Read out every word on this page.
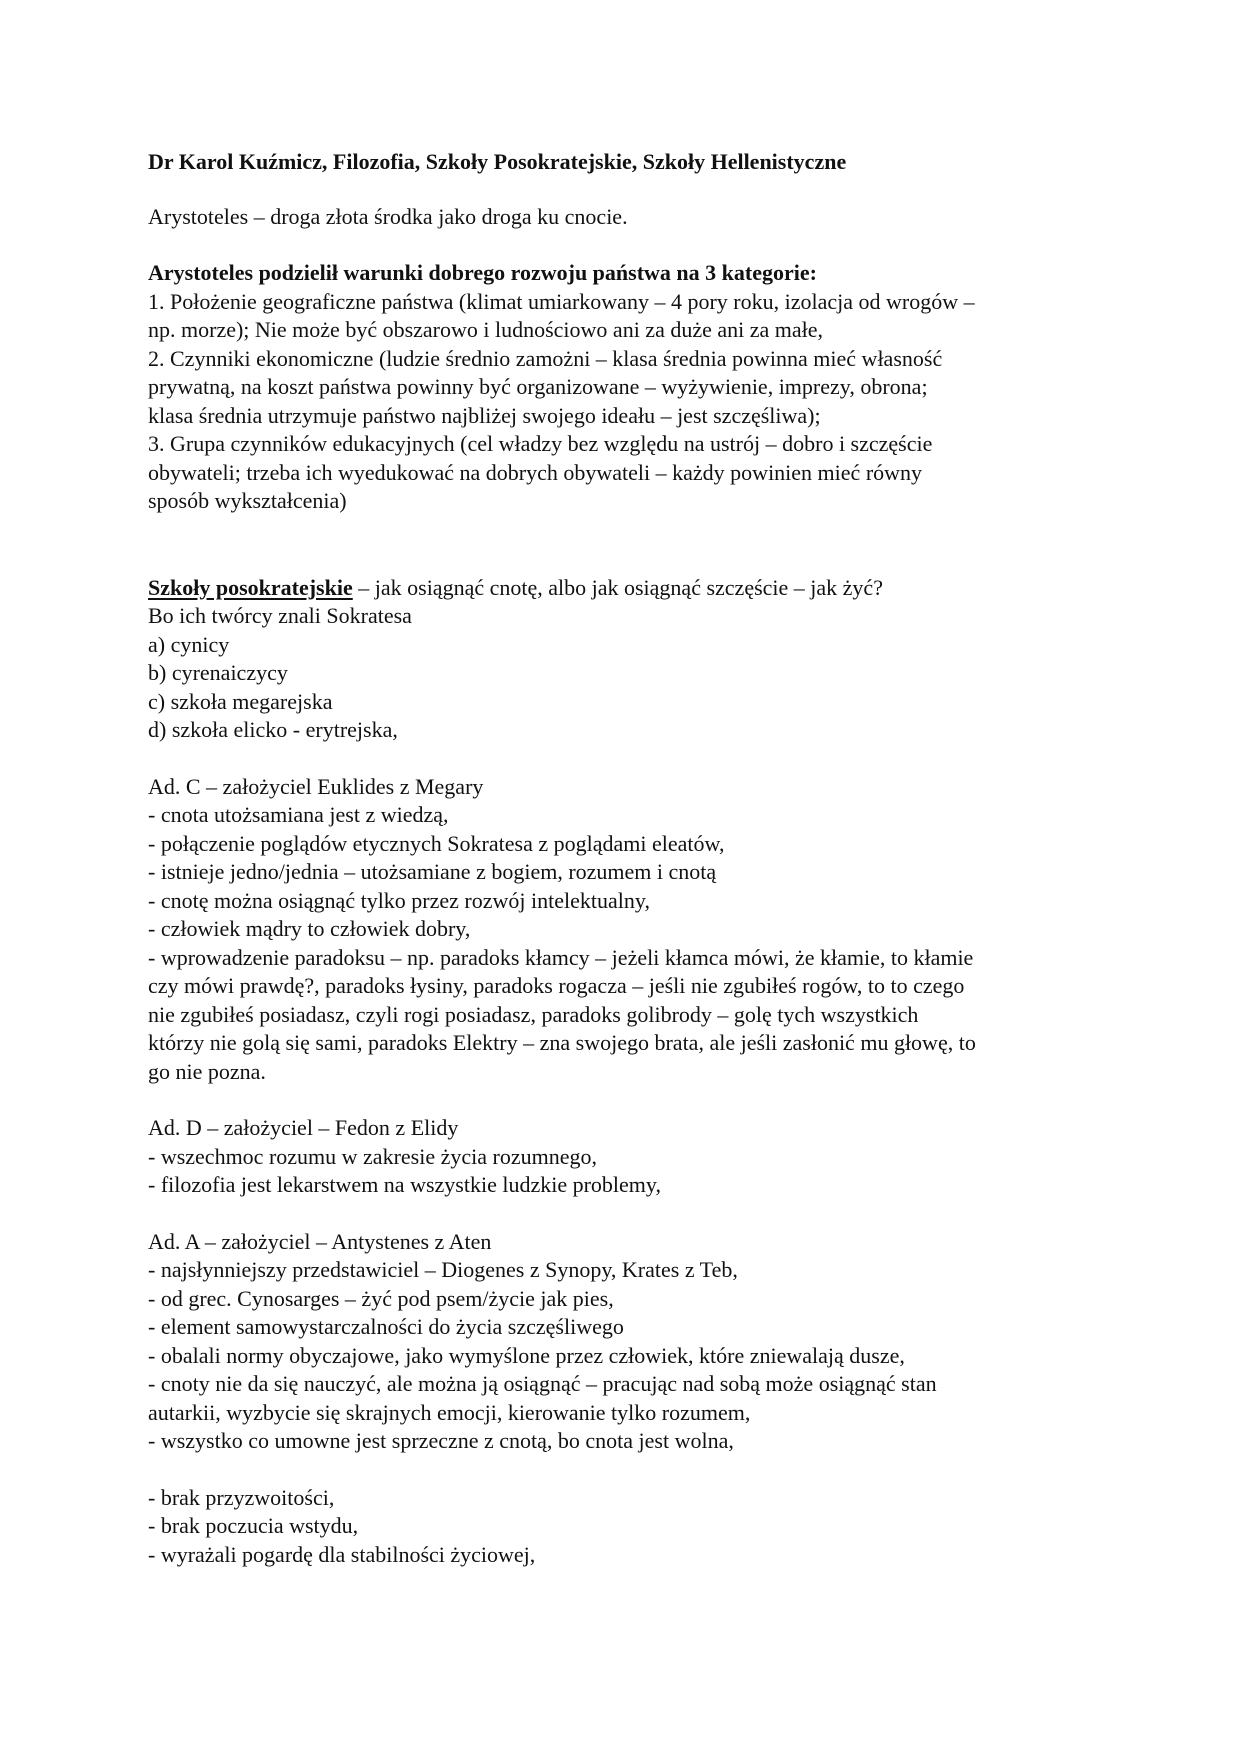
Dr Karol Kuźmicz, Filozofia, Szkoły Posokratejskie, Szkoły Hellenistyczne
Arystoteles – droga złota środka jako droga ku cnocie.
Arystoteles podzielił warunki dobrego rozwoju państwa na 3 kategorie:
1. Położenie geograficzne państwa (klimat umiarkowany – 4 pory roku, izolacja od wrogów –
np. morze); Nie może być obszarowo i ludnościowo ani za duże ani za małe,
2. Czynniki ekonomiczne (ludzie średnio zamożni – klasa średnia powinna mieć własność
prywatną, na koszt państwa powinny być organizowane – wyżywienie, imprezy, obrona;
klasa średnia utrzymuje państwo najbliżej swojego ideału – jest szczęśliwa);
3. Grupa czynników edukacyjnych (cel władzy bez względu na ustrój – dobro i szczęście
obywateli; trzeba ich wyedukować na dobrych obywateli – każdy powinien mieć równy
sposób wykształcenia)
Szkoły posokratejskie – jak osiągnąć cnotę, albo jak osiągnąć szczęście – jak żyć?
Bo ich twórcy znali Sokratesa
a) cynicy
b) cyrenaiczycy
c) szkoła megarejska
d) szkoła elicko - erytrejska,
Ad. C – założyciel Euklides z Megary
- cnota utożsamiana jest z wiedzą,
- połączenie poglądów etycznych Sokratesa z poglądami eleatów,
- istnieje jedno/jednia – utożsamiane z bogiem, rozumem i cnotą
- cnotę można osiągnąć tylko przez rozwój intelektualny,
- człowiek mądry to człowiek dobry,
- wprowadzenie paradoksu – np. paradoks kłamcy – jeżeli kłamca mówi, że kłamie, to kłamie
czy mówi prawdę?, paradoks łysiny, paradoks rogacza – jeśli nie zgubiłeś rogów, to to czego
nie zgubiłeś posiadasz, czyli rogi posiadasz, paradoks golibrody – golę tych wszystkich
którzy nie golą się sami, paradoks Elektry – zna swojego brata, ale jeśli zasłonić mu głowę, to
go nie pozna.
Ad. D – założyciel – Fedon z Elidy
- wszechmoc rozumu w zakresie życia rozumnego,
- filozofia jest lekarstwem na wszystkie ludzkie problemy,
Ad. A – założyciel – Antystenes z Aten
- najsłynniejszy przedstawiciel – Diogenes z Synopy, Krates z Teb,
- od grec. Cynosarges – żyć pod psem/życie jak pies,
- element samowystarczalności do życia szczęśliwego
- obalali normy obyczajowe, jako wymyślone przez człowiek, które zniewalają dusze,
- cnoty nie da się nauczyć, ale można ją osiągnąć – pracując nad sobą może osiągnąć stan
autarkii, wyzbycie się skrajnych emocji, kierowanie tylko rozumem,
- wszystko co umowne jest sprzeczne z cnotą, bo cnota jest wolna,
- brak przyzwoitości,
- brak poczucia wstydu,
- wyrażali pogardę dla stabilności życiowej,
